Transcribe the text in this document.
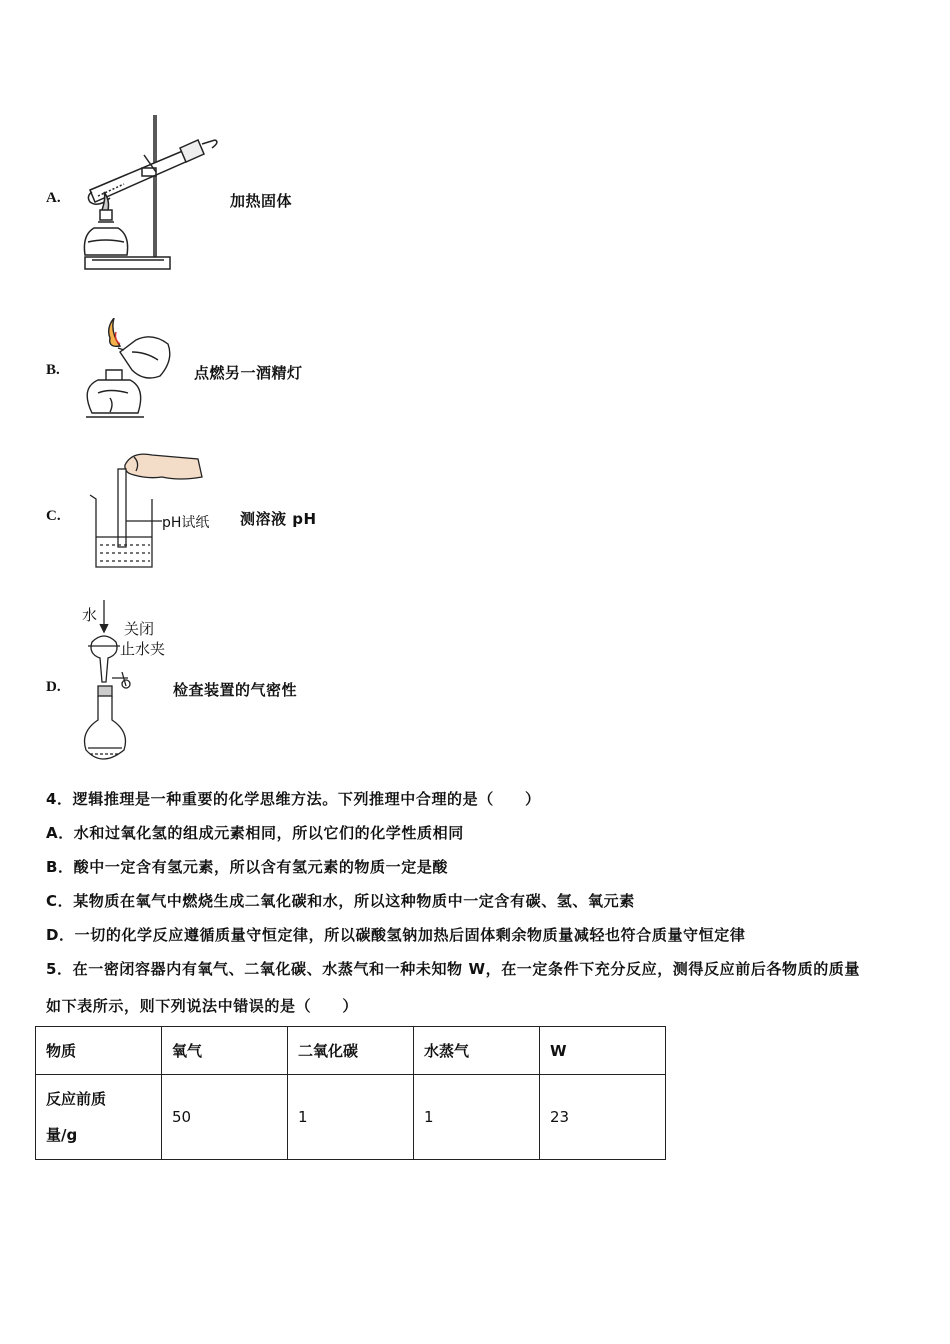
A.	加热固体
B.	点燃另一酒精灯
C.	pH试纸 测溶液 pH
D.
水
关闭
止水夹
检查装置的气密性
4．逻辑推理是一种重要的化学思维方法。下列推理中合理的是（　　）
A．水和过氧化氢的组成元素相同，所以它们的化学性质相同
B．酸中一定含有氢元素，所以含有氢元素的物质一定是酸
C．某物质在氧气中燃烧生成二氧化碳和水，所以这种物质中一定含有碳、氢、氧元素
D．一切的化学反应遵循质量守恒定律，所以碳酸氢钠加热后固体剩余物质量减轻也符合质量守恒定律
5．在一密闭容器内有氧气、二氧化碳、水蒸气和一种未知物 W，在一定条件下充分反应，测得反应前后各物质的质量
如下表所示，则下列说法中错误的是（　　）
物质	氧气	二氧化碳	水蒸气	W

反应前质
量/g	50	1	1	23
